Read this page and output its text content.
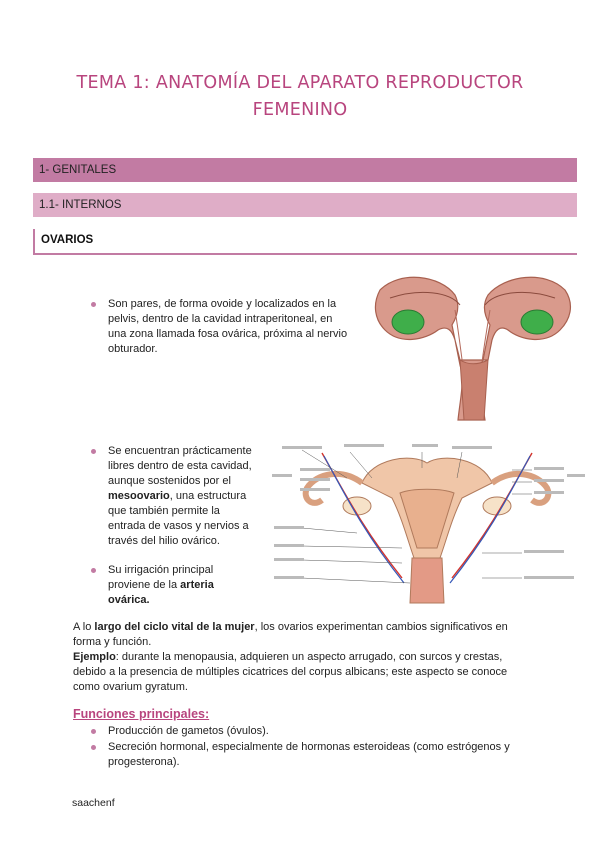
TEMA 1: ANATOMÍA DEL APARATO REPRODUCTOR
FEMENINO
1- GENITALES
1.1- INTERNOS
OVARIOS
Son pares, de forma ovoide y localizados en la pelvis, dentro de la cavidad intraperitoneal, en una zona llamada fosa ovárica, próxima al nervio obturador.
Se encuentran prácticamente libres dentro de esta cavidad, aunque sostenidos por el mesoovario, una estructura que también permite la entrada de vasos y nervios a través del hilio ovárico.
Su irrigación principal proviene de la arteria ovárica.
A lo largo del ciclo vital de la mujer, los ovarios experimentan cambios significativos en forma y función.
Ejemplo: durante la menopausia, adquieren un aspecto arrugado, con surcos y crestas, debido a la presencia de múltiples cicatrices del corpus albicans; este aspecto se conoce como ovarium gyratum.
Funciones principales:
Producción de gametos (óvulos).
Secreción hormonal, especialmente de hormonas esteroideas (como estrógenos y progesterona).
saachenf
